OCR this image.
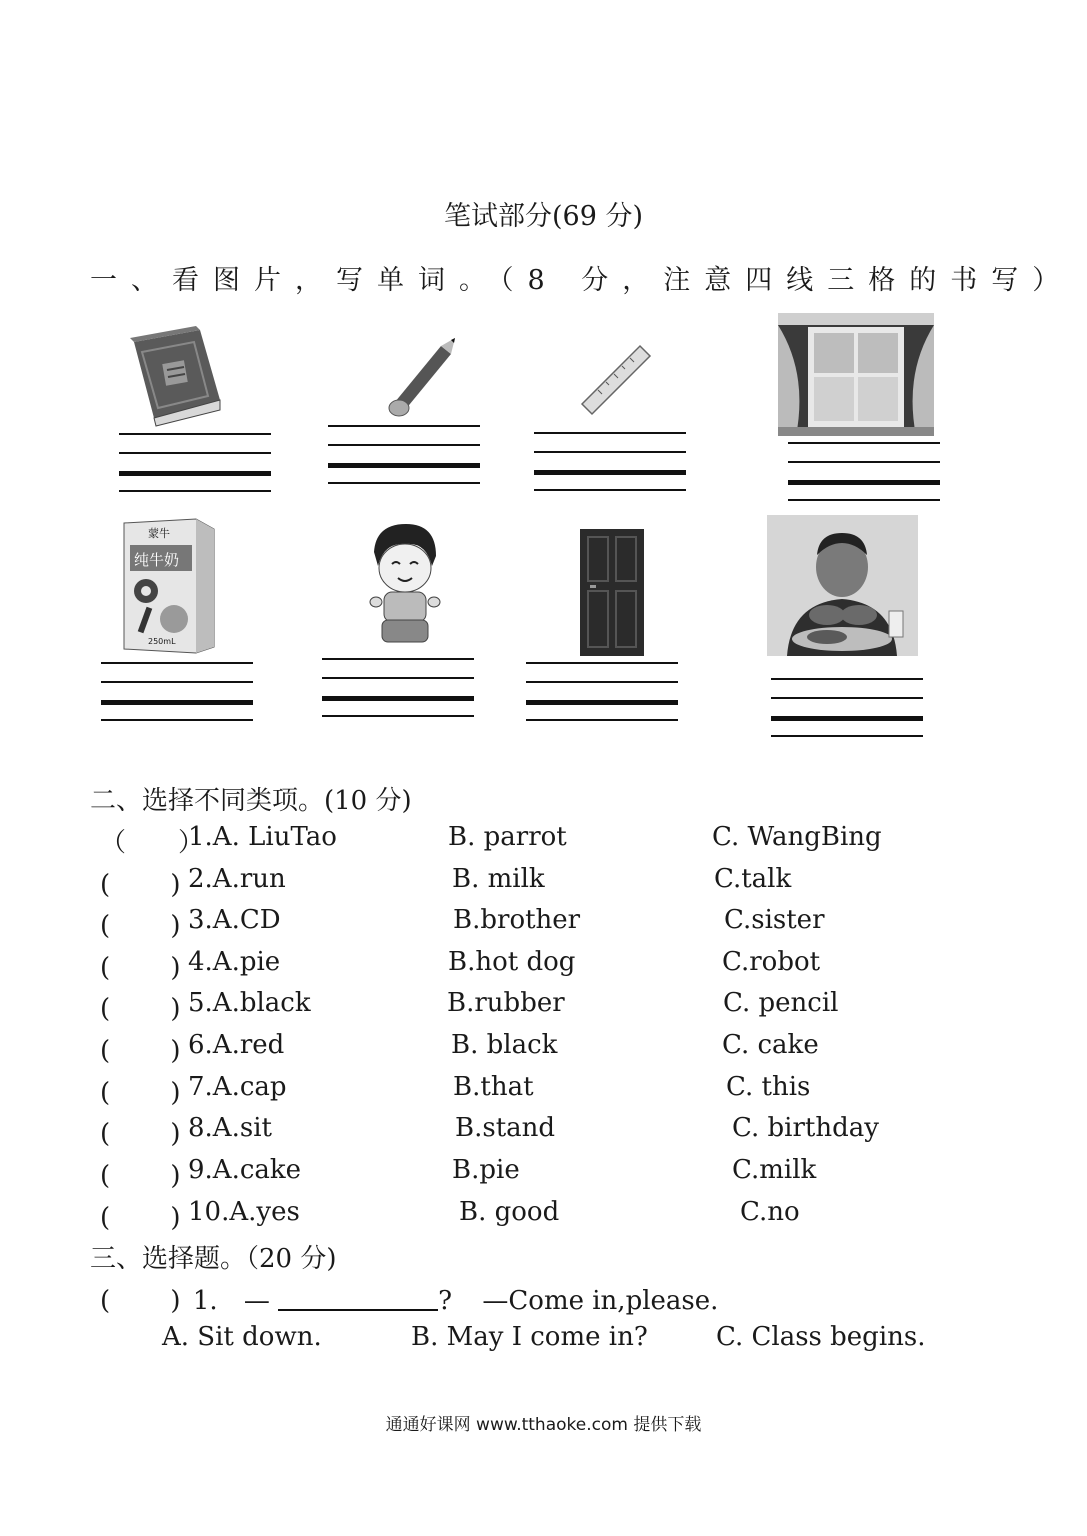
笔试部分(69 分)
一、看图片，写单词。（8 分，注意四线三格的书写）
蒙牛
纯牛奶
250mL
二、选择不同类项。(10 分)
（　　）
1.A. LiuTao	B. parrot	C. WangBing
(　　 ) 2.A.run	B. milk	C.talk
(　　 ) 3.A.CD	B.brother	C.sister
(　　 ) 4.A.pie	B.hot dog	C.robot
(　　 ) 5.A.black	B.rubber	C. pencil
(　　 ) 6.A.red	B. black	C. cake
(　　 ) 7.A.cap	B.that	C. this
(　　 ) 8.A.sit	B.stand	C. birthday
(　　 ) 9.A.cake	B.pie	C.milk
(　　 ) 10.A.yes	B. good	C.no
三、选择题。（20 分)
(　　 ) 1. —	? —Come in,please.
A. Sit down.	B. May I come in?	C. Class begins.
通通好课网 www.tthaoke.com 提供下载
